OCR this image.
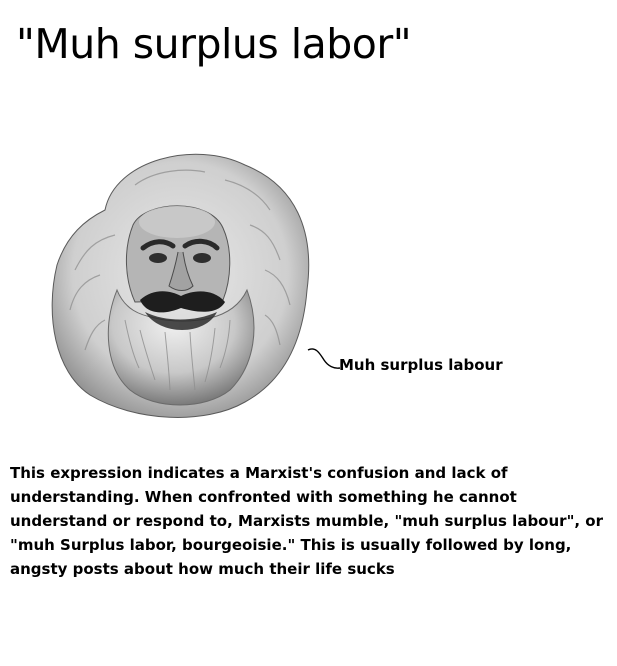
"Muh surplus labor"
Muh surplus labour

This expression indicates a Marxist's confusion and lack of
understanding. When confronted with something he cannot
understand or respond to, Marxists mumble, "muh surplus labour", or
"muh Surplus labor, bourgeoisie." This is usually followed by long,
angsty posts about how much their life sucks
